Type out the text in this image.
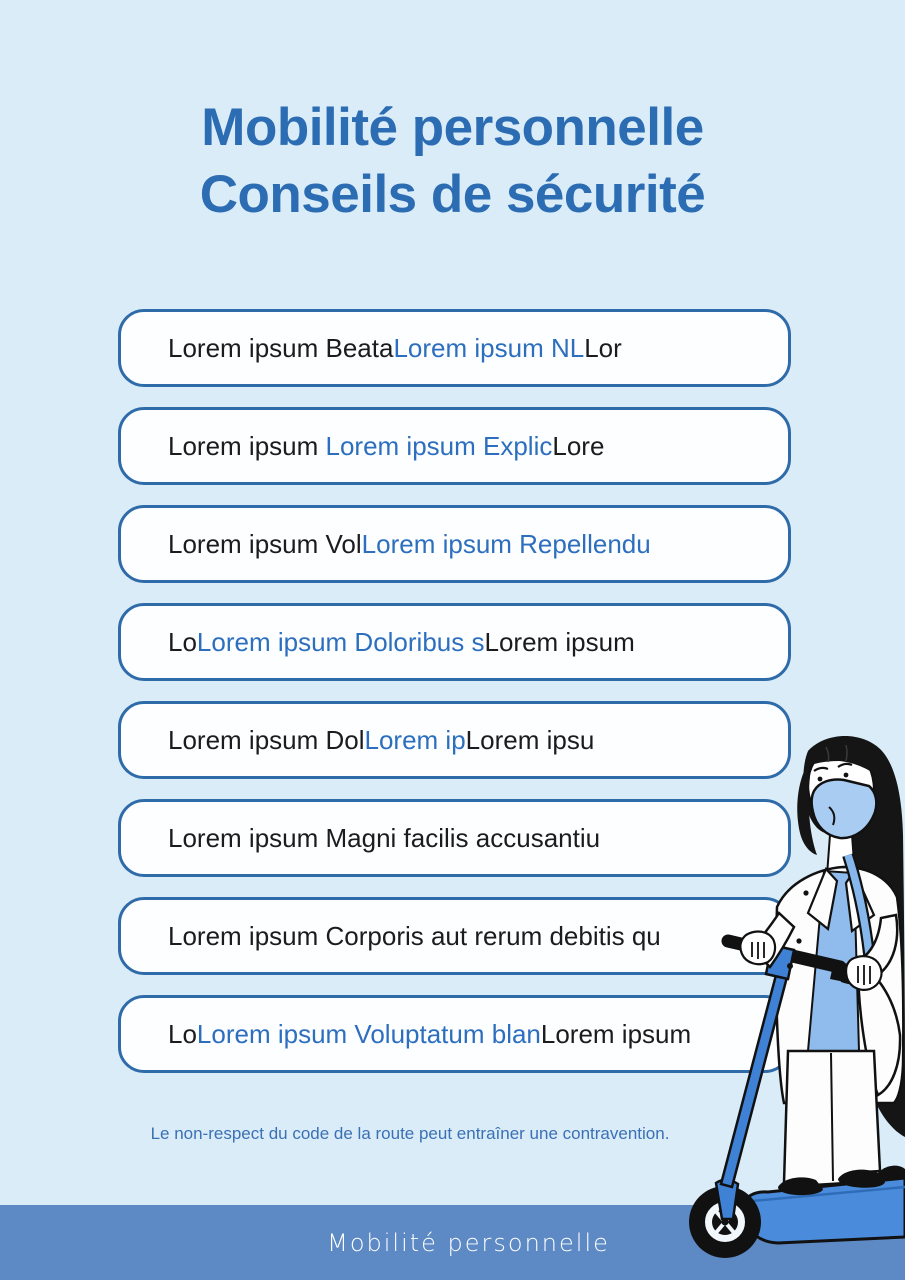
Mobilité personnelle
Conseils de sécurité

Lorem ipsum BeataLorem ipsum NLLor

Lorem ipsum Lorem ipsum ExplicLore

Lorem ipsum VolLorem ipsum Repellendu

LoLorem ipsum Doloribus sLorem ipsum

Lorem ipsum DolLorem ipLorem ipsu

Lorem ipsum Magni facilis accusantiu

Lorem ipsum Corporis aut rerum debitis qu

LoLorem ipsum Voluptatum blanLorem ipsum

Le non-respect du code de la route peut entraîner une contravention.

Mobilité personnelle
